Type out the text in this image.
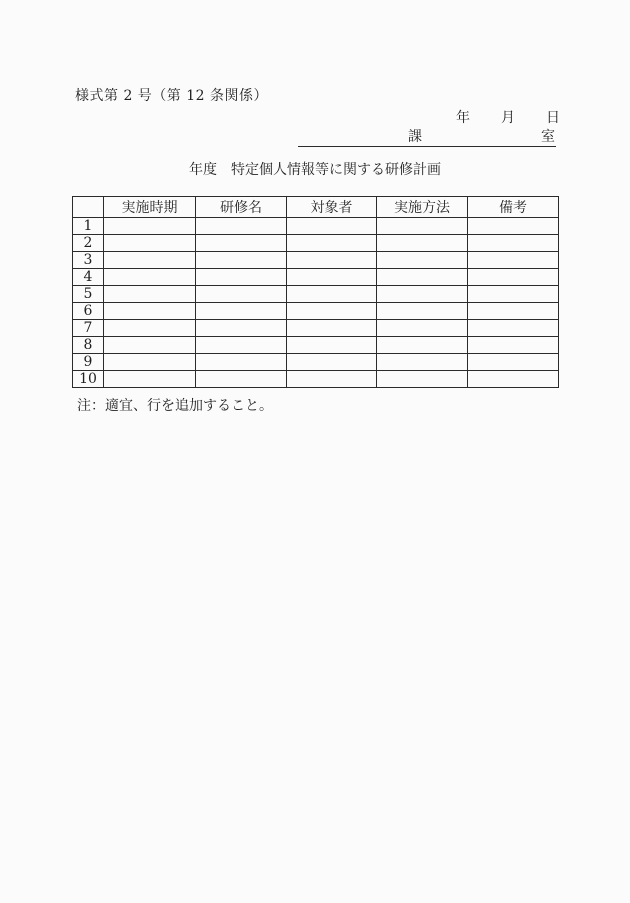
様式第 2 号（第 12 条関係）
年 月 日
課	室
年度　特定個人情報等に関する研修計画
	実施時期	研修名	対象者	実施方法	備考
1					
2					
3					
4					
5					
6					
7					
8					
9					
10					
注：適宜、行を追加すること。
